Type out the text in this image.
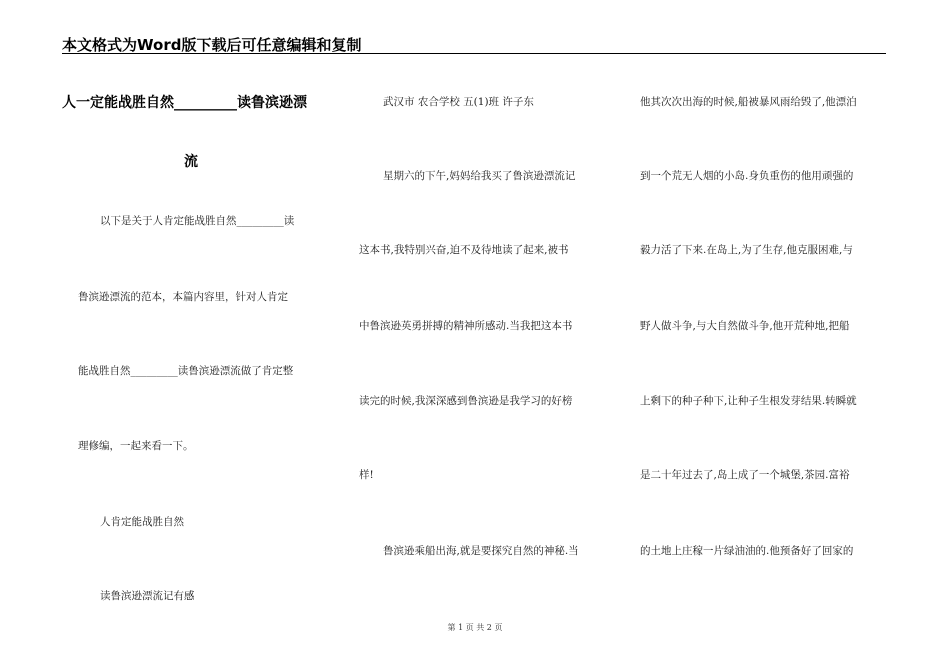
本文格式为Word版下载后可任意编辑和复制
人一定能战胜自然_________读鲁滨逊漂
流
以下是关于人肯定能战胜自然_________读
鲁滨逊漂流的范本，本篇内容里，针对人肯定
能战胜自然_________读鲁滨逊漂流做了肯定整
理修编，一起来看一下。
人肯定能战胜自然
读鲁滨逊漂流记有感
武汉市 农合学校 五(1)班 许子东
星期六的下午,妈妈给我买了鲁滨逊漂流记
这本书,我特别兴奋,迫不及待地读了起来,被书
中鲁滨逊英勇拼搏的精神所感动.当我把这本书
读完的时候,我深深感到鲁滨逊是我学习的好榜
样!
鲁滨逊乘船出海,就是要探究自然的神秘.当
他其次次出海的时候,船被暴风雨给毁了,他漂泊
到一个荒无人烟的小岛.身负重伤的他用顽强的
毅力活了下来.在岛上,为了生存,他克服困难,与
野人做斗争,与大自然做斗争,他开荒种地,把船
上剩下的种子种下,让种子生根发芽结果.转瞬就
是二十年过去了,岛上成了一个城堡,茶园.富裕
的土地上庄稼一片绿油油的.他预备好了回家的
第 1 页 共 2 页
